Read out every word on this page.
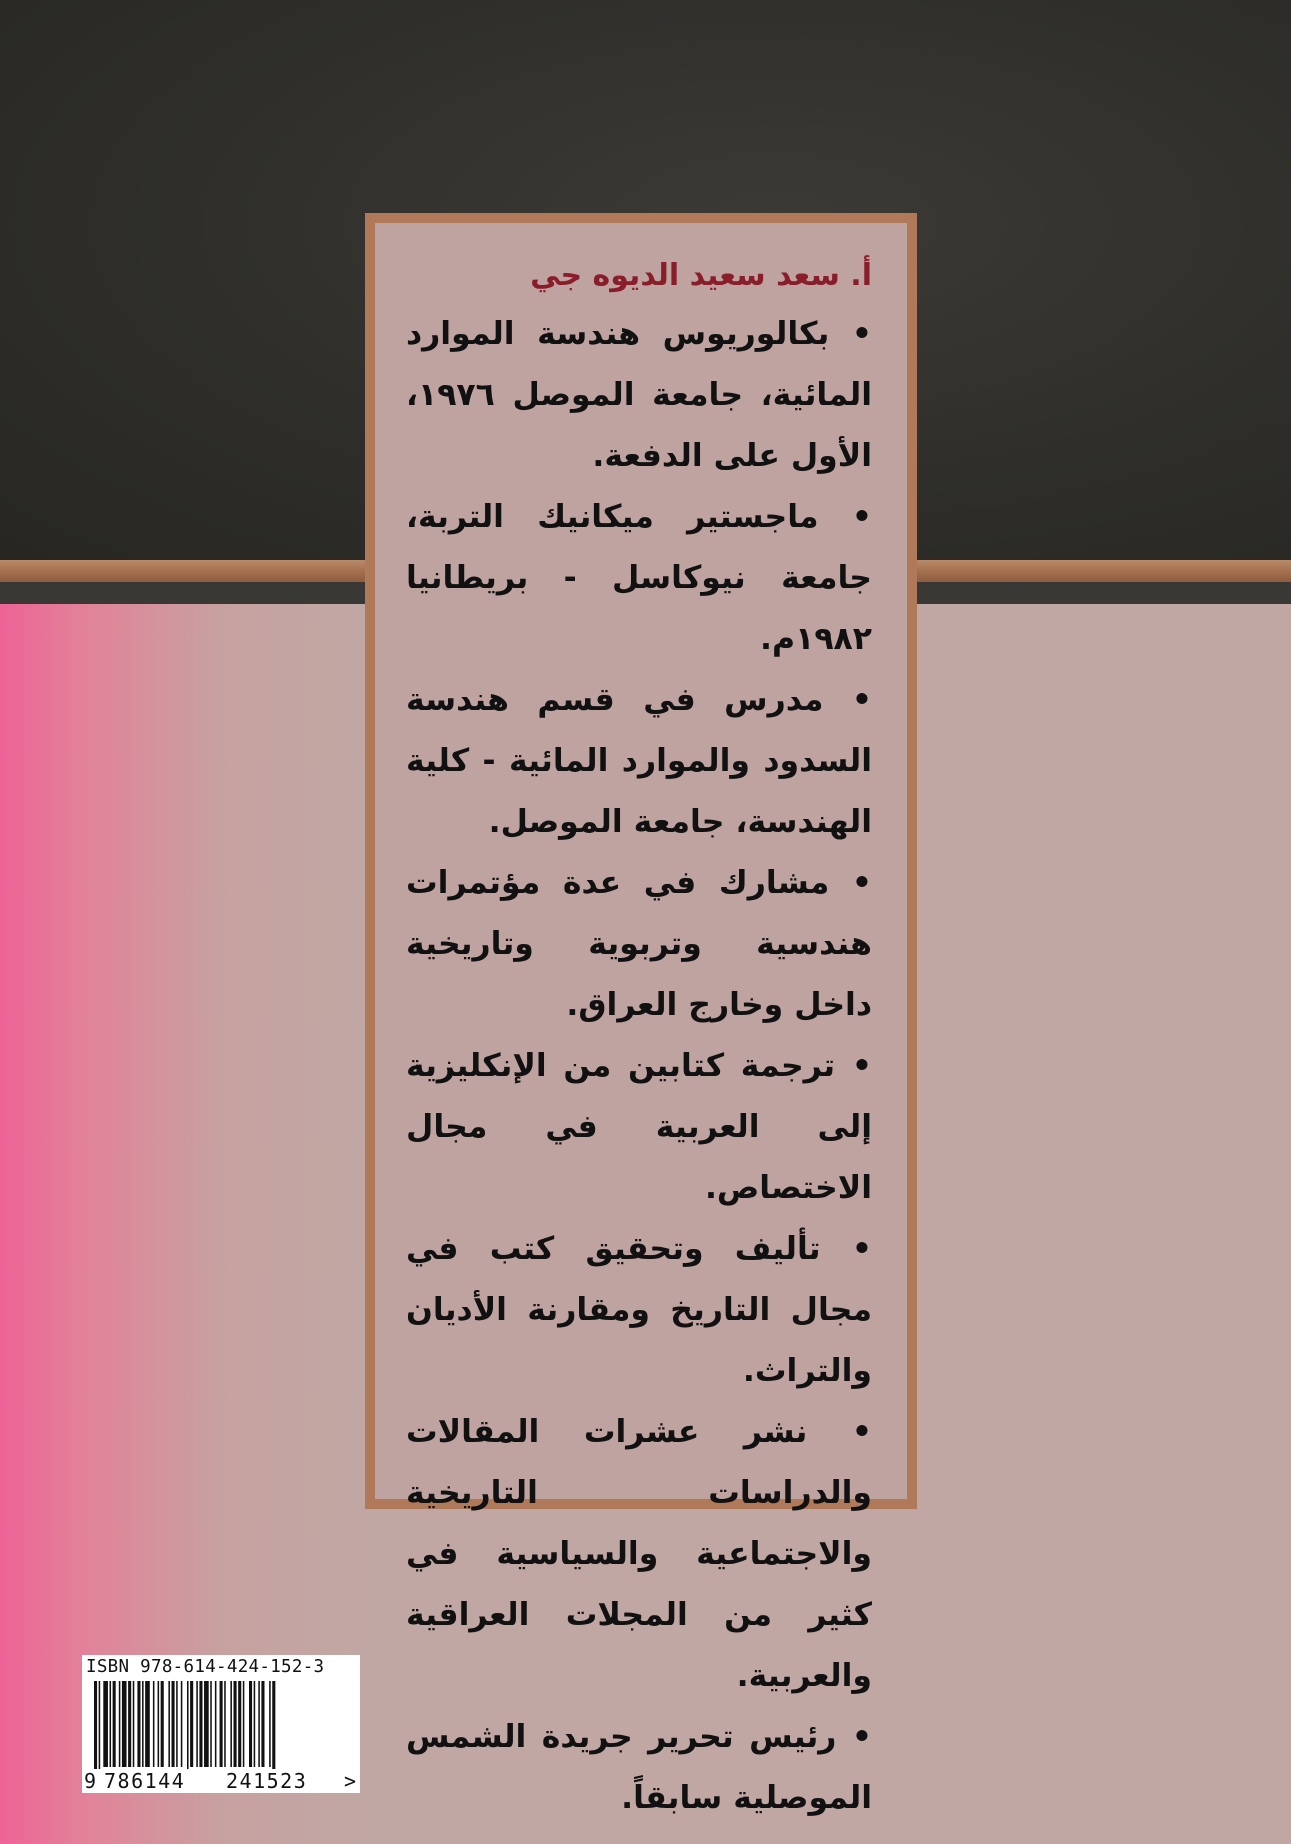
أ. سعد سعيد الديوه جي
• بكالوريوس هندسة الموارد المائية، جامعة الموصل ١٩٧٦، الأول على الدفعة.
• ماجستير ميكانيك التربة، جامعة نيوكاسل - بريطانيا ١٩٨٢م.
• مدرس في قسم هندسة السدود والموارد المائية - كلية الهندسة، جامعة الموصل.
• مشارك في عدة مؤتمرات هندسية وتربوية وتاريخية داخل وخارج العراق.
• ترجمة كتابين من الإنكليزية إلى العربية في مجال الاختصاص.
• تأليف وتحقيق كتب في مجال التاريخ ومقارنة الأديان والتراث.
• نشر عشرات المقالات والدراسات التاريخية والاجتماعية والسياسية في كثير من المجلات العراقية والعربية.
• رئيس تحرير جريدة الشمس الموصلية سابقاً.
ISBN 978-614-424-152-3
9 786144 241523 >
